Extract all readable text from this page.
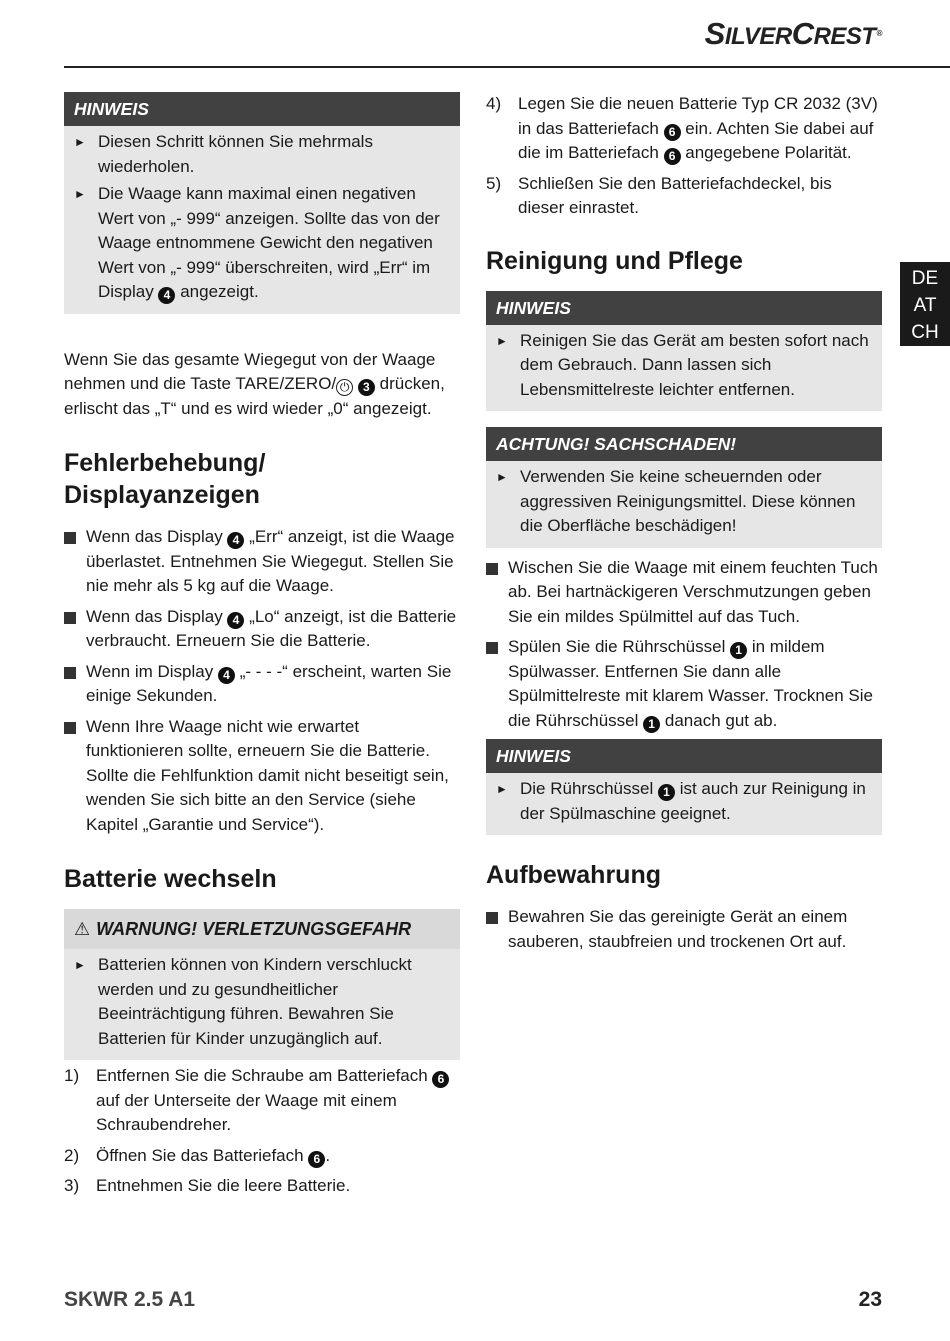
SILVERCREST®
DE
AT
CH
HINWEIS
► Diesen Schritt können Sie mehrmals wiederholen.
► Die Waage kann maximal einen negativen Wert von „- 999“ anzeigen. Sollte das von der Waage entnommene Gewicht den negativen Wert von „- 999“ überschreiten, wird „Err“ im Display 4 angezeigt.

Wenn Sie das gesamte Wiegegut von der Waage nehmen und die Taste TARE/ZERO/ ⏻ 3 drücken, erlischt das „T“ und es wird wieder „0“ angezeigt.

Fehlerbehebung/ Displayanzeigen
Wenn das Display 4 „Err“ anzeigt, ist die Waage überlastet. Entnehmen Sie Wiegegut. Stellen Sie nie mehr als 5 kg auf die Waage.
Wenn das Display 4 „Lo“ anzeigt, ist die Batterie verbraucht. Erneuern Sie die Batterie.
Wenn im Display 4 „- - - -“ erscheint, warten Sie einige Sekunden.
Wenn Ihre Waage nicht wie erwartet funktionieren sollte, erneuern Sie die Batterie. Sollte die Fehlfunktion damit nicht beseitigt sein, wenden Sie sich bitte an den Service (siehe Kapitel „Garantie und Service“).
Batterie wechseln
⚠ WARNUNG! VERLETZUNGSGEFAHR
► Batterien können von Kindern verschluckt werden und zu gesundheitlicher Beeinträchtigung führen. Bewahren Sie Batterien für Kinder unzugänglich auf.
1) Entfernen Sie die Schraube am Batteriefach 6 auf der Unterseite der Waage mit einem Schraubendreher.
2) Öffnen Sie das Batteriefach 6 .
3) Entnehmen Sie die leere Batterie.
4) Legen Sie die neuen Batterie Typ CR 2032 (3V) in das Batteriefach 6 ein. Achten Sie dabei auf die im Batteriefach 6 angegebene Polarität.
5) Schließen Sie den Batteriefachdeckel, bis dieser einrastet.
Reinigung und Pflege
HINWEIS
► Reinigen Sie das Gerät am besten sofort nach dem Gebrauch. Dann lassen sich Lebensmittelreste leichter entfernen.
ACHTUNG! SACHSCHADEN!
► Verwenden Sie keine scheuernden oder aggressiven Reinigungsmittel. Diese können die Oberfläche beschädigen!
Wischen Sie die Waage mit einem feuchten Tuch ab. Bei hartnäckigeren Verschmutzungen geben Sie ein mildes Spülmittel auf das Tuch.
Spülen Sie die Rührschüssel 1 in mildem Spülwasser. Entfernen Sie dann alle Spülmittelreste mit klarem Wasser. Trocknen Sie die Rührschüssel 1 danach gut ab.
HINWEIS
► Die Rührschüssel 1 ist auch zur Reinigung in der Spülmaschine geeignet.
Aufbewahrung
Bewahren Sie das gereinigte Gerät an einem sauberen, staubfreien und trockenen Ort auf.
SKWR 2.5 A1	23
